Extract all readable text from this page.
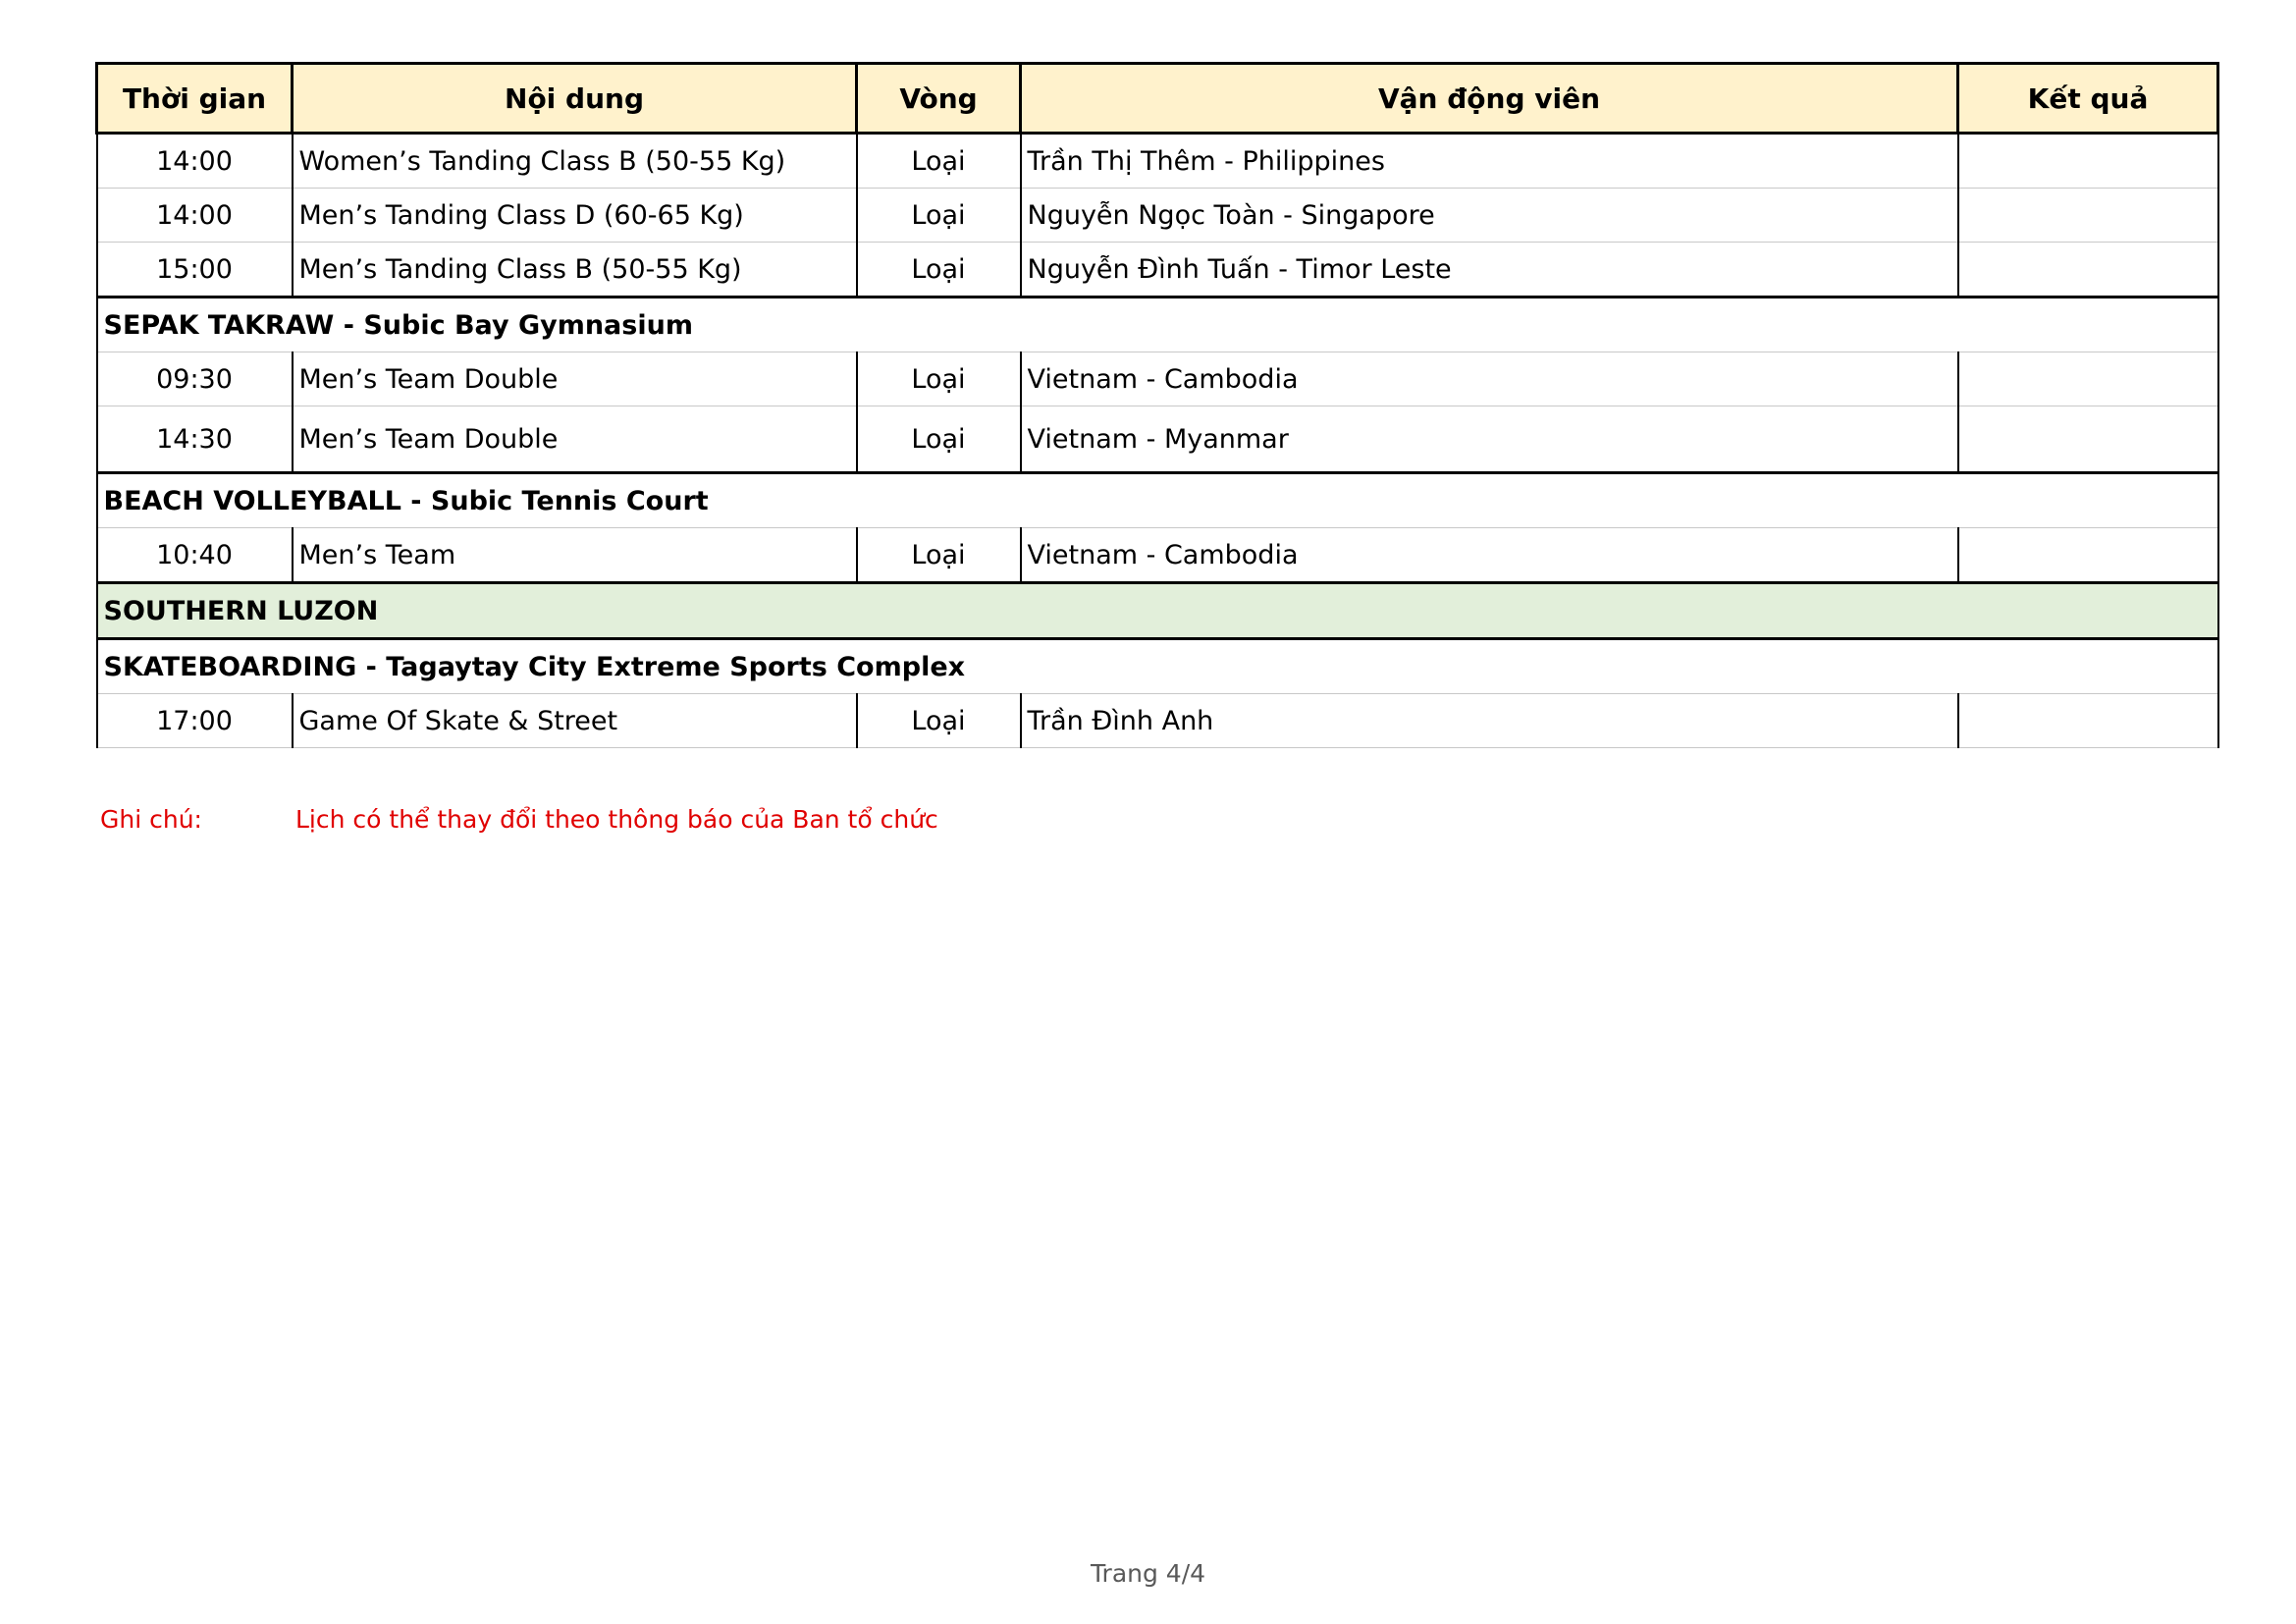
Thời gian	Nội dung	Vòng	Vận động viên	Kết quả
14:00	Women’s Tanding Class B (50-55 Kg)	Loại	Trần Thị Thêm - Philippines	
14:00	Men’s Tanding Class D (60-65 Kg)	Loại	Nguyễn Ngọc Toàn - Singapore	
15:00	Men’s Tanding Class B (50-55 Kg)	Loại	Nguyễn Đình Tuấn - Timor Leste	
SEPAK TAKRAW - Subic Bay Gymnasium				
09:30	Men’s Team Double	Loại	Vietnam - Cambodia	
14:30	Men’s Team Double	Loại	Vietnam - Myanmar	
BEACH VOLLEYBALL - Subic Tennis Court				
10:40	Men’s Team	Loại	Vietnam - Cambodia	
SOUTHERN LUZON				
SKATEBOARDING - Tagaytay City Extreme Sports Complex				
17:00	Game Of Skate & Street	Loại	Trần Đình Anh	
Ghi chú:	Lịch có thể thay đổi theo thông báo của Ban tổ chức
Trang 4/4
